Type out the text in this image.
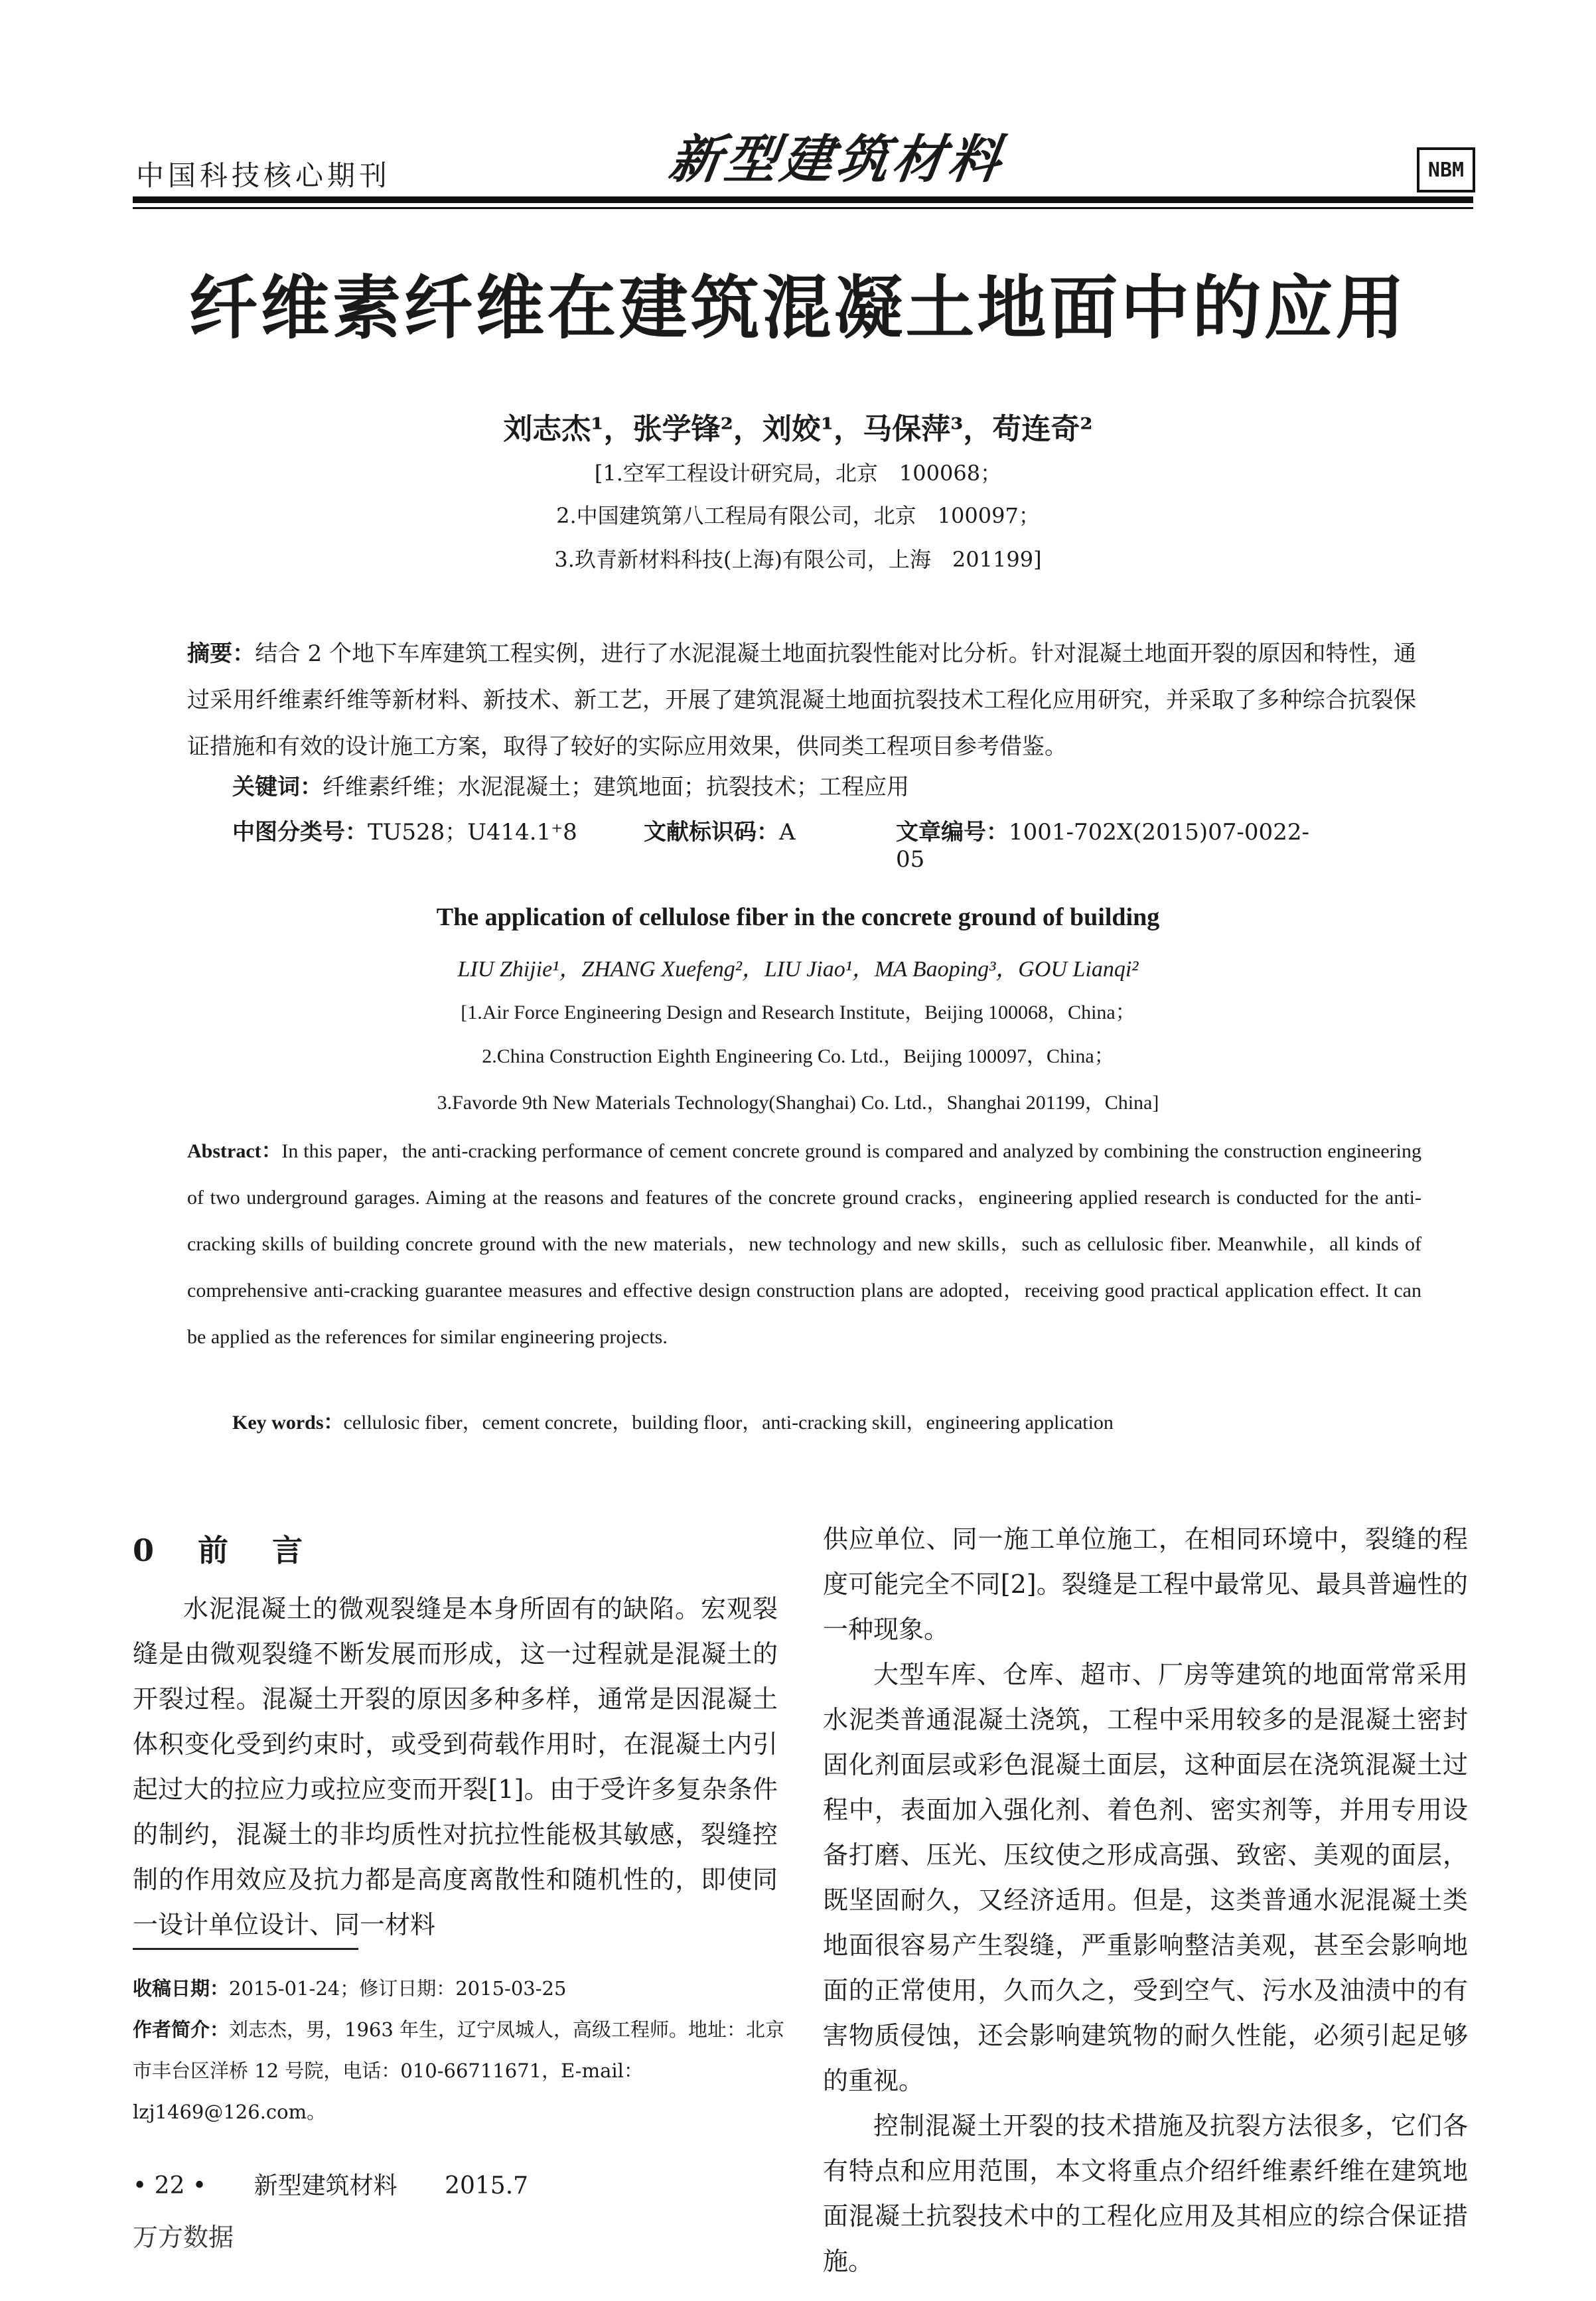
中国科技核心期刊	新型建筑材料	NBM
纤维素纤维在建筑混凝土地面中的应用
刘志杰¹，张学锋²，刘姣¹，马保萍³，苟连奇²
[1.空军工程设计研究局，北京　100068；
2.中国建筑第八工程局有限公司，北京　100097；
3.玖青新材料科技(上海)有限公司，上海　201199]
摘要：结合 2 个地下车库建筑工程实例，进行了水泥混凝土地面抗裂性能对比分析。针对混凝土地面开裂的原因和特性，通过采用纤维素纤维等新材料、新技术、新工艺，开展了建筑混凝土地面抗裂技术工程化应用研究，并采取了多种综合抗裂保证措施和有效的设计施工方案，取得了较好的实际应用效果，供同类工程项目参考借鉴。
关键词：纤维素纤维；水泥混凝土；建筑地面；抗裂技术；工程应用
中图分类号：TU528；U414.1⁺8	文献标识码：A	文章编号：1001-702X(2015)07-0022-05
The application of cellulose fiber in the concrete ground of building
LIU Zhijie¹，ZHANG Xuefeng²，LIU Jiao¹，MA Baoping³，GOU Lianqi²
[1.Air Force Engineering Design and Research Institute，Beijing 100068，China；
2.China Construction Eighth Engineering Co. Ltd.，Beijing 100097，China；
3.Favorde 9th New Materials Technology(Shanghai) Co. Ltd.，Shanghai 201199，China]
Abstract：In this paper，the anti-cracking performance of cement concrete ground is compared and analyzed by combining the construction engineering of two underground garages. Aiming at the reasons and features of the concrete ground cracks，engineering applied research is conducted for the anti-cracking skills of building concrete ground with the new materials，new technology and new skills，such as cellulosic fiber. Meanwhile，all kinds of comprehensive anti-cracking guarantee measures and effective design construction plans are adopted，receiving good practical application effect. It can be applied as the references for similar engineering projects.
Key words：cellulosic fiber，cement concrete，building floor，anti-cracking skill，engineering application
0　前　言
水泥混凝土的微观裂缝是本身所固有的缺陷。宏观裂缝是由微观裂缝不断发展而形成，这一过程就是混凝土的开裂过程。混凝土开裂的原因多种多样，通常是因混凝土体积变化受到约束时，或受到荷载作用时，在混凝土内引起过大的拉应力或拉应变而开裂[1]。由于受许多复杂条件的制约，混凝土的非均质性对抗拉性能极其敏感，裂缝控制的作用效应及抗力都是高度离散性和随机性的，即使同一设计单位设计、同一材料
收稿日期：2015-01-24；修订日期：2015-03-25
作者简介：刘志杰，男，1963 年生，辽宁凤城人，高级工程师。地址：北京市丰台区洋桥 12 号院，电话：010-66711671，E-mail：lzj1469@126.com。

供应单位、同一施工单位施工，在相同环境中，裂缝的程度可能完全不同[2]。裂缝是工程中最常见、最具普遍性的一种现象。

大型车库、仓库、超市、厂房等建筑的地面常常采用水泥类普通混凝土浇筑，工程中采用较多的是混凝土密封固化剂面层或彩色混凝土面层，这种面层在浇筑混凝土过程中，表面加入强化剂、着色剂、密实剂等，并用专用设备打磨、压光、压纹使之形成高强、致密、美观的面层，既坚固耐久，又经济适用。但是，这类普通水泥混凝土类地面很容易产生裂缝，严重影响整洁美观，甚至会影响地面的正常使用，久而久之，受到空气、污水及油渍中的有害物质侵蚀，还会影响建筑物的耐久性能，必须引起足够的重视。

控制混凝土开裂的技术措施及抗裂方法很多，它们各有特点和应用范围，本文将重点介绍纤维素纤维在建筑地面混凝土抗裂技术中的工程化应用及其相应的综合保证措施。

• 22 • 新型建筑材料 2015.7
万方数据
